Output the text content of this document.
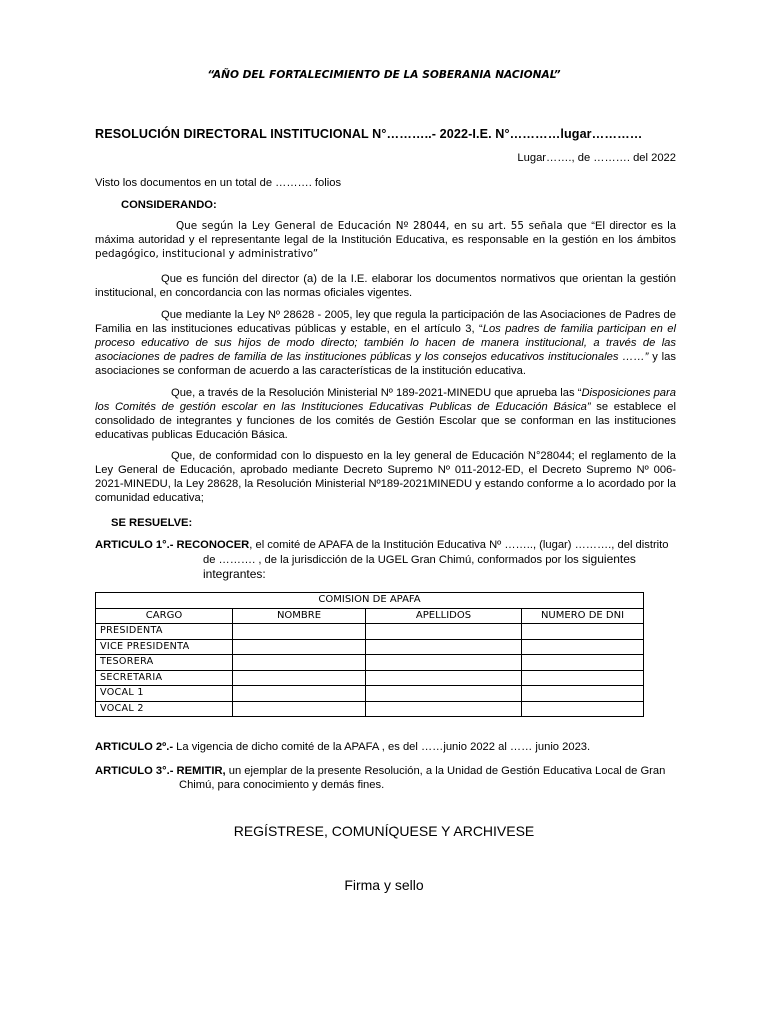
“AÑO DEL FORTALECIMIENTO DE LA SOBERANIA NACIONAL”
RESOLUCIÓN DIRECTORAL INSTITUCIONAL N°………..- 2022-I.E. N°…………lugar…………
Lugar……., de ………. del 2022
Visto los documentos en un total de ………. folios
CONSIDERANDO:
Que según la Ley General de Educación Nº 28044, en su art. 55 señala que “El director es la máxima autoridad y el representante legal de la Institución Educativa, es responsable en la gestión en los ámbitos pedagógico, institucional y administrativo”
Que es función del director (a) de la I.E. elaborar los documentos normativos que orientan la gestión institucional, en concordancia con las normas oficiales vigentes.
Que mediante la Ley Nº 28628 - 2005, ley que regula la participación de las Asociaciones de Padres de Familia en las instituciones educativas públicas y estable, en el artículo 3, “Los padres de familia participan en el proceso educativo de sus hijos de modo directo; también lo hacen de manera institucional, a través de las asociaciones de padres de familia de las instituciones públicas y los consejos educativos institucionales ……” y las asociaciones se conforman de acuerdo a las características de la institución educativa.
Que, a través de la Resolución Ministerial Nº 189-2021-MINEDU que aprueba las “Disposiciones para los Comités de gestión escolar en las Instituciones Educativas Publicas de Educación Básica” se establece el consolidado de integrantes y funciones de los comités de Gestión Escolar que se conforman en las instituciones educativas publicas Educación Básica.
Que, de conformidad con lo dispuesto en la ley general de Educación N°28044; el reglamento de la Ley General de Educación, aprobado mediante Decreto Supremo Nº 011-2012-ED, el Decreto Supremo Nº 006-2021-MINEDU, la Ley 28628, la Resolución Ministerial Nº189-2021MINEDU y estando conforme a lo acordado por la comunidad educativa;
SE RESUELVE:
ARTICULO 1°.- RECONOCER, el comité de APAFA de la Institución Educativa Nº …….., (lugar) ………., del distrito de ………. , de la jurisdicción de la UGEL Gran Chimú, conformados por los siguientes integrantes:
COMISION DE APAFA			
CARGO	NOMBRE	APELLIDOS	NUMERO DE DNI
PRESIDENTA			
VICE PRESIDENTA			
TESORERA			
SECRETARIA			
VOCAL 1			
VOCAL 2			
ARTICULO 2º.- La vigencia de dicho comité de la APAFA , es del ……junio 2022 al …… junio 2023.
ARTICULO 3°.- REMITIR, un ejemplar de la presente Resolución, a la Unidad de Gestión Educativa Local de Gran Chimú, para conocimiento y demás fines.
REGÍSTRESE, COMUNÍQUESE Y ARCHIVESE
Firma y sello
